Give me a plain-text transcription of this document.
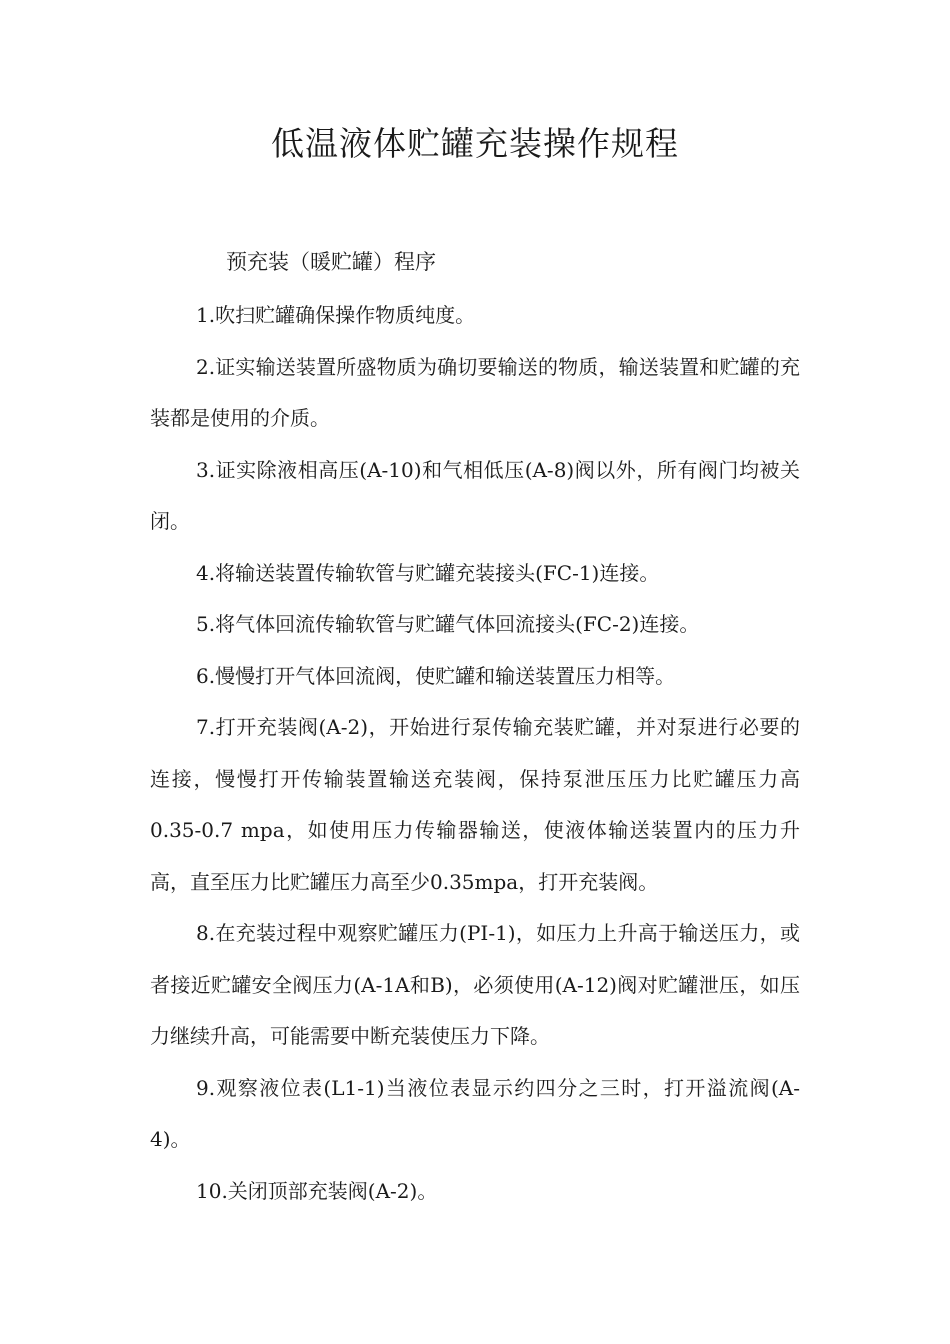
低温液体贮罐充装操作规程
预充装（暖贮罐）程序
1.吹扫贮罐确保操作物质纯度。
2.证实输送装置所盛物质为确切要输送的物质，输送装置和贮罐的充装都是使用的介质。
3.证实除液相高压(A-10)和气相低压(A-8)阀以外，所有阀门均被关闭。
4.将输送装置传输软管与贮罐充装接头(FC-1)连接。
5.将气体回流传输软管与贮罐气体回流接头(FC-2)连接。
6.慢慢打开气体回流阀，使贮罐和输送装置压力相等。
7.打开充装阀(A-2)，开始进行泵传输充装贮罐，并对泵进行必要的连接，慢慢打开传输装置输送充装阀，保持泵泄压压力比贮罐压力高0.35-0.7 mpa，如使用压力传输器输送，使液体输送装置内的压力升高，直至压力比贮罐压力高至少0.35mpa，打开充装阀。
8.在充装过程中观察贮罐压力(PI-1)，如压力上升高于输送压力，或者接近贮罐安全阀压力(A-1A和B)，必须使用(A-12)阀对贮罐泄压，如压力继续升高，可能需要中断充装使压力下降。
9.观察液位表(L1-1)当液位表显示约四分之三时，打开溢流阀(A-4)。
10.关闭顶部充装阀(A-2)。
